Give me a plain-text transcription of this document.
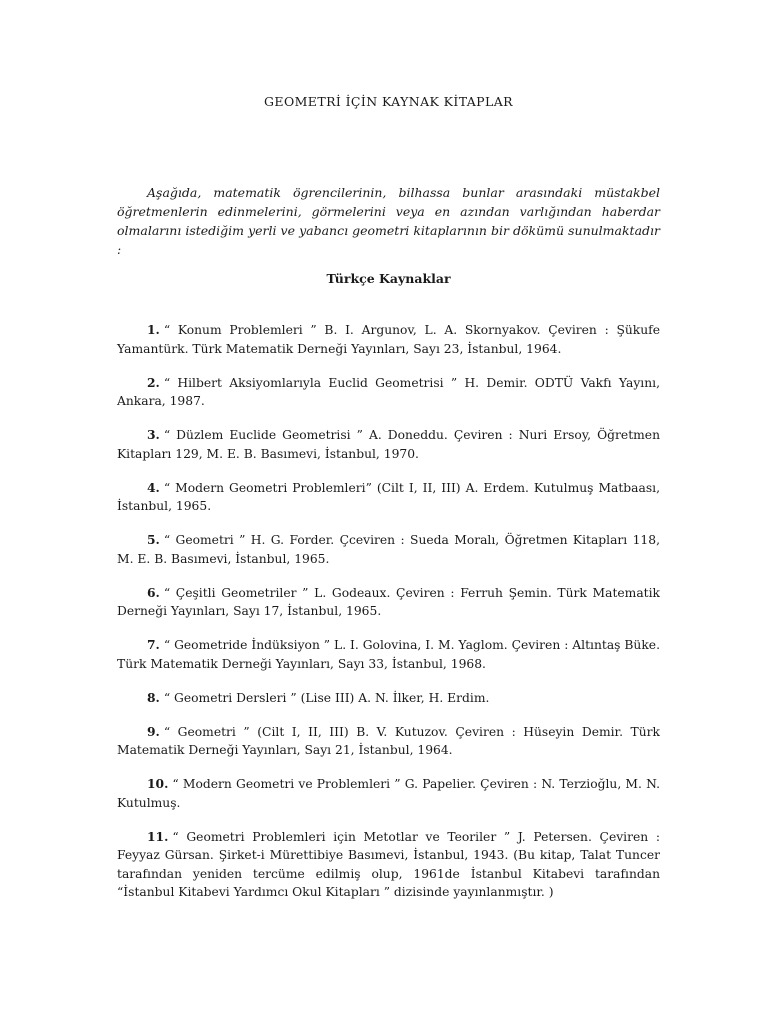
GEOMETRİ İÇİN KAYNAK KİTAPLAR

Aşağıda, matematik ögrencilerinin, bilhassa bunlar arasındaki müstakbel öğretmenlerin edinmelerini, görmelerini veya en azından varlığından haberdar olmalarını istediğim yerli ve yabancı geometri kitaplarının bir dökümü sunulmaktadır :

Türkçe Kaynaklar
1. “ Konum Problemleri ” B. I. Argunov, L. A. Skornyakov. Çeviren : Şükufe Yamantürk. Türk Matematik Derneği Yayınları, Sayı 23, İstanbul, 1964.
2. “ Hilbert Aksiyomlarıyla Euclid Geometrisi ” H. Demir. ODTÜ Vakfı Yayını, Ankara, 1987.
3. “ Düzlem Euclide Geometrisi ” A. Doneddu. Çeviren : Nuri Ersoy, Öğretmen Kitapları 129, M. E. B. Basımevi, İstanbul, 1970.
4. “ Modern Geometri Problemleri” (Cilt I, II, III) A. Erdem. Kutulmuş Matbaası, İstanbul, 1965.
5. “ Geometri ” H. G. Forder. Çceviren : Sueda Moralı, Öğretmen Kitapları 118, M. E. B. Basımevi, İstanbul, 1965.
6. “ Çeşitli Geometriler ” L. Godeaux. Çeviren : Ferruh Şemin. Türk Matematik Derneği Yayınları, Sayı 17, İstanbul, 1965.
7. “ Geometride İndüksiyon ” L. I. Golovina, I. M. Yaglom. Çeviren : Altıntaş Büke. Türk Matematik Derneği Yayınları, Sayı 33, İstanbul, 1968.
8. “ Geometri Dersleri ” (Lise III) A. N. İlker, H. Erdim.
9. “ Geometri ” (Cilt I, II, III) B. V. Kutuzov. Çeviren : Hüseyin Demir. Türk Matematik Derneği Yayınları, Sayı 21, İstanbul, 1964.
10. “ Modern Geometri ve Problemleri ” G. Papelier. Çeviren : N. Terzioğlu, M. N. Kutulmuş.
11. “ Geometri Problemleri için Metotlar ve Teoriler ” J. Petersen. Çeviren : Feyyaz Gürsan. Şirket-i Mürettibiye Basımevi, İstanbul, 1943. (Bu kitap, Talat Tuncer tarafından yeniden tercüme edilmiş olup, 1961de İstanbul Kitabevi tarafından “İstanbul Kitabevi Yardımcı Okul Kitapları ” dizisinde yayınlanmıştır. )
